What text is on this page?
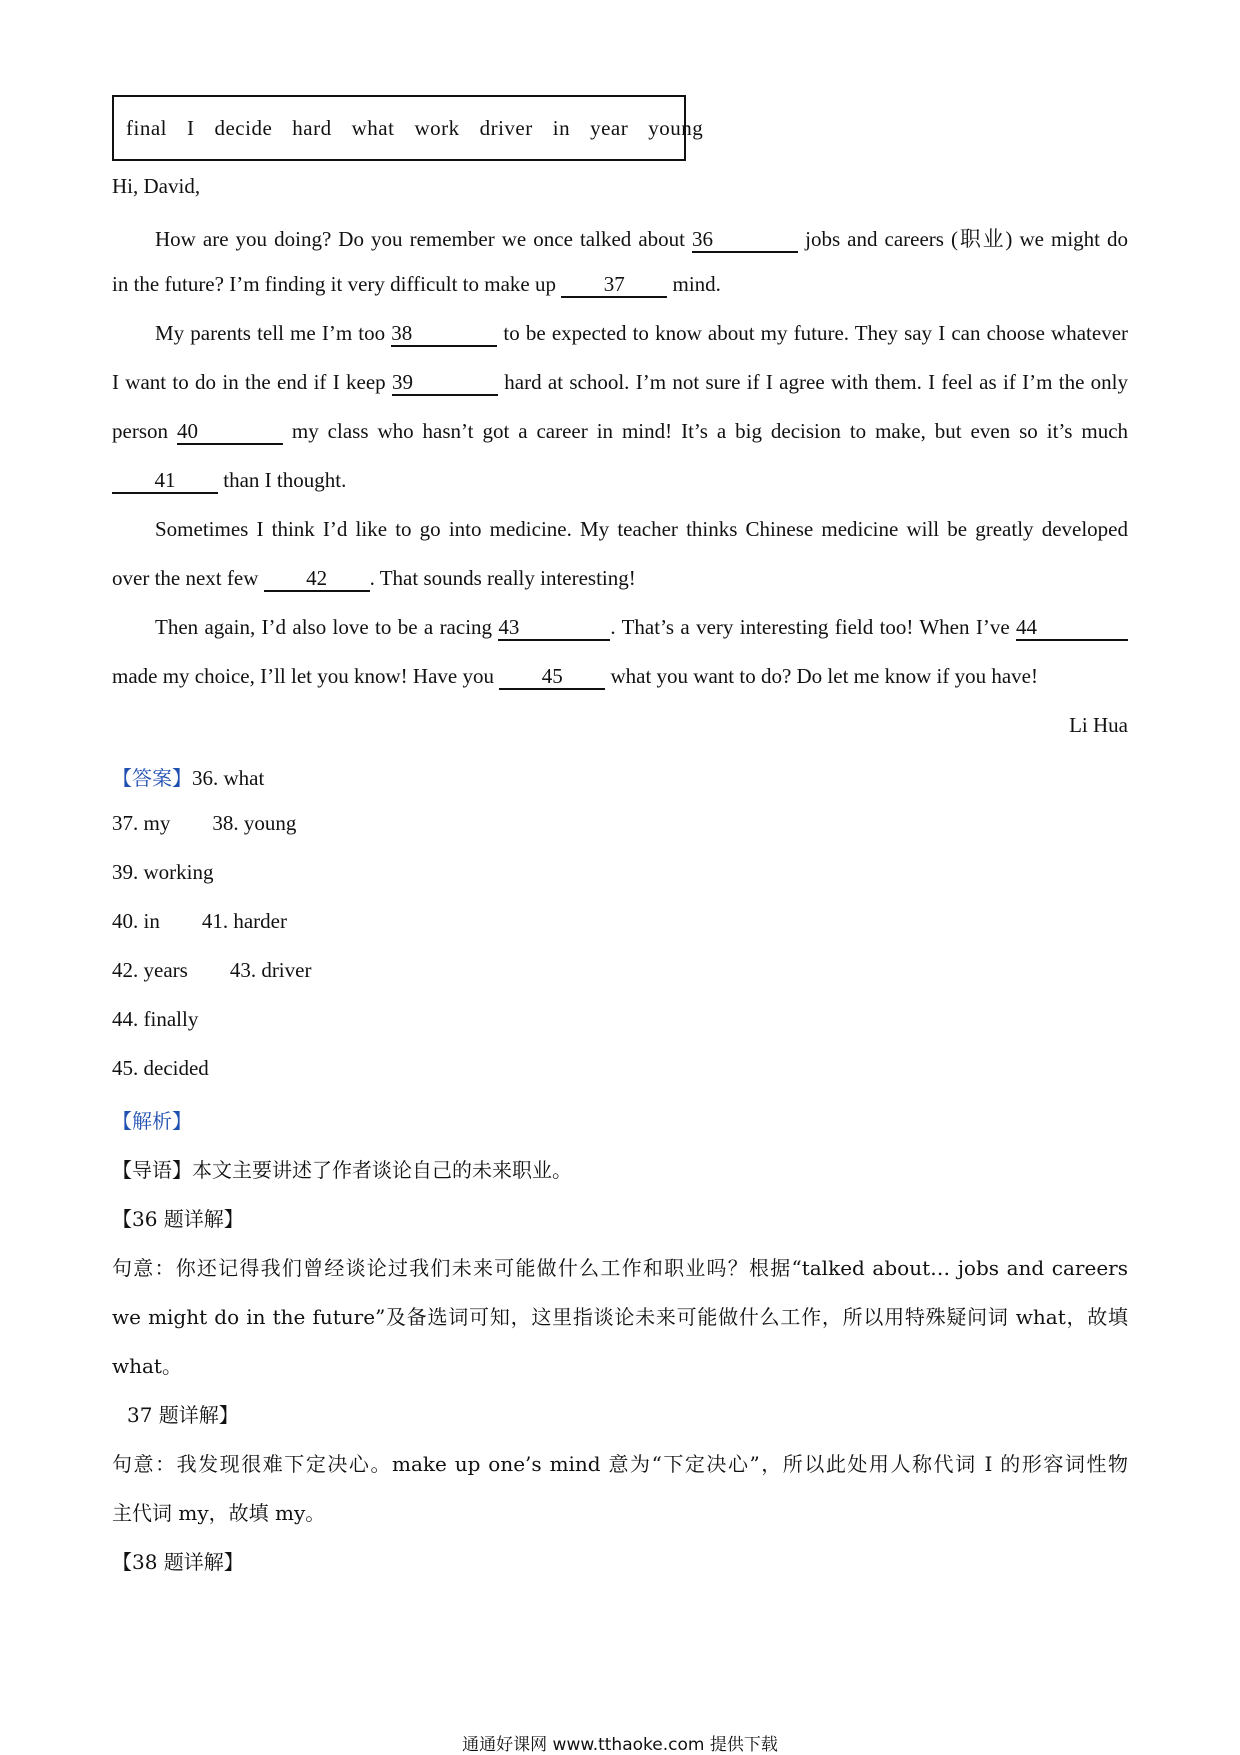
final I decide hard what work driver in year young
Hi, David,
How are you doing? Do you remember we once talked about 36	jobs and careers (职业) we might do
in the future? I’m finding it very difficult to make up 37 mind.
My parents tell me I’m too 38	to be expected to know about my future. They say I can choose whatever
I want to do in the end if I keep 39	hard at school. I’m not sure if I agree with them. I feel as if I’m the only
person 40	my class who hasn’t got a career in mind! It’s a big decision to make, but even so it’s much
41 than I thought.
Sometimes I think I’d like to go into medicine. My teacher thinks Chinese medicine will be greatly developed
over the next few 42 . That sounds really interesting!
Then again, I’d also love to be a racing 43	. That’s a very interesting field too! When I’ve 44
made my choice, I’ll let you know! Have you 45 what you want to do? Do let me know if you have!
Li Hua
【答案】36. what
37. my 38. young
39. working
40. in 41. harder
42. years 43. driver
44. finally
45. decided
【解析】
【导语】本文主要讲述了作者谈论自己的未来职业。
【36 题详解】
句意：你还记得我们曾经谈论过我们未来可能做什么工作和职业吗？根据“talked about… jobs and careers
we might do in the future”及备选词可知，这里指谈论未来可能做什么工作，所以用特殊疑问词 what，故填
what。
37 题详解】
句意：我发现很难下定决心。make up one’s mind 意为“下定决心”，所以此处用人称代词 I 的形容词性物
主代词 my，故填 my。
【38 题详解】
通通好课网 www.tthaoke.com 提供下载
